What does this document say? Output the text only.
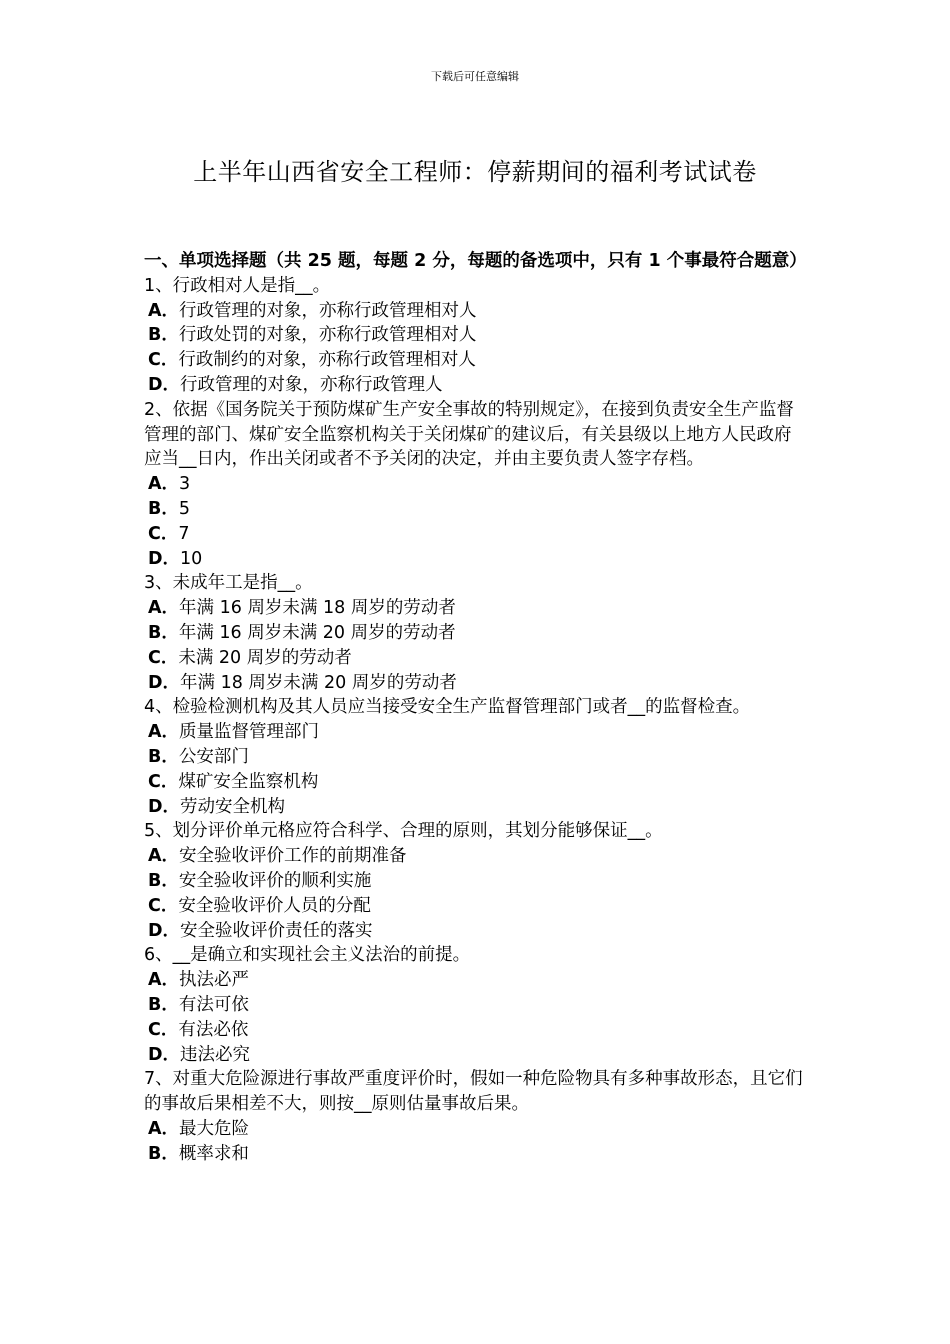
下载后可任意编辑
上半年山西省安全工程师：停薪期间的福利考试试卷
一、单项选择题（共 25 题，每题 2 分，每题的备选项中，只有 1 个事最符合题意）
1、行政相对人是指__。
A．行政管理的对象，亦称行政管理相对人
B．行政处罚的对象，亦称行政管理相对人
C．行政制约的对象，亦称行政管理相对人
D．行政管理的对象，亦称行政管理人
2、依据《国务院关于预防煤矿生产安全事故的特别规定》，在接到负责安全生产监督管理的部门、煤矿安全监察机构关于关闭煤矿的建议后，有关县级以上地方人民政府应当__日内，作出关闭或者不予关闭的决定，并由主要负责人签字存档。
A．3
B．5
C．7
D．10
3、未成年工是指__。
A．年满 16 周岁未满 18 周岁的劳动者
B．年满 16 周岁未满 20 周岁的劳动者
C．未满 20 周岁的劳动者
D．年满 18 周岁未满 20 周岁的劳动者
4、检验检测机构及其人员应当接受安全生产监督管理部门或者__的监督检查。
A．质量监督管理部门
B．公安部门
C．煤矿安全监察机构
D．劳动安全机构
5、划分评价单元格应符合科学、合理的原则，其划分能够保证__。
A．安全验收评价工作的前期准备
B．安全验收评价的顺利实施
C．安全验收评价人员的分配
D．安全验收评价责任的落实
6、__是确立和实现社会主义法治的前提。
A．执法必严
B．有法可依
C．有法必依
D．违法必究
7、对重大危险源进行事故严重度评价时，假如一种危险物具有多种事故形态，且它们的事故后果相差不大，则按__原则估量事故后果。
A．最大危险
B．概率求和
